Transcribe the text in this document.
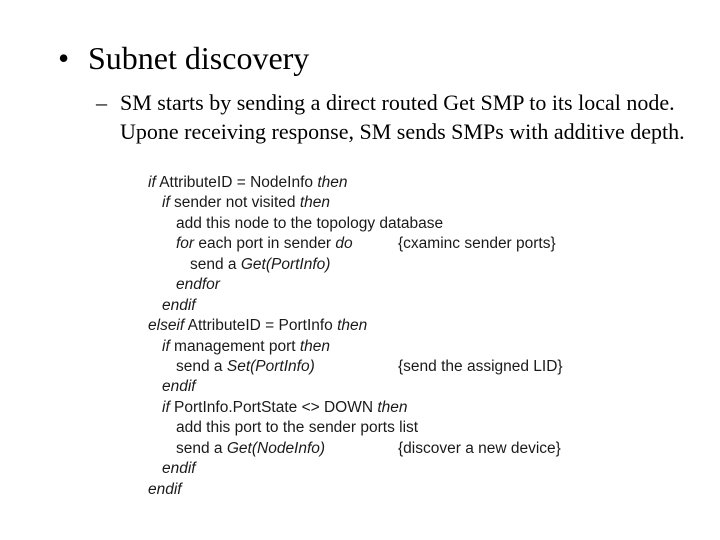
• Subnet discovery
– SM starts by sending a direct routed Get SMP to its local node. Upone receiving response, SM sends SMPs with additive depth.
if AttributeID = NodeInfo then
if sender not visited then
add this node to the topology database
for each port in sender do	{cxaminc sender ports}
send a Get(PortInfo)
endfor
endif
elseif AttributeID = PortInfo then
if management port then
send a Set(PortInfo)	{send the assigned LID}
endif
if PortInfo.PortState <> DOWN then
add this port to the sender ports list
send a Get(NodeInfo)	{discover a new device}
endif
endif
